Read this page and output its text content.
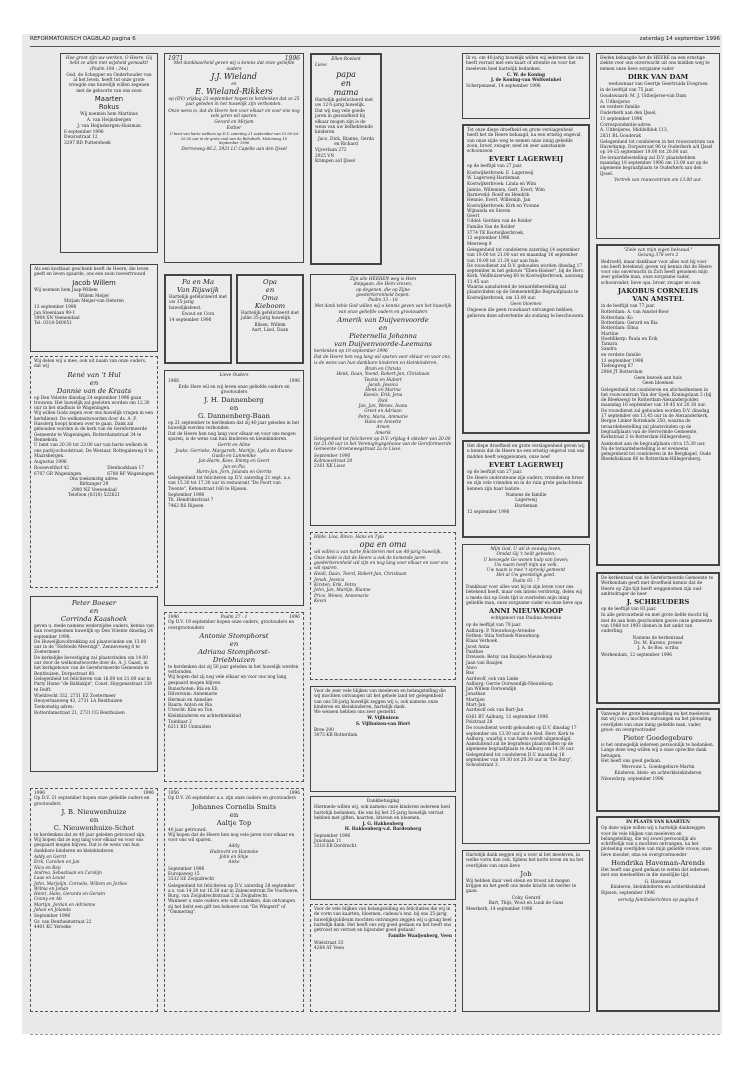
REFORMATORISCH DAGBLAD pagina 6	zaterdag 14 september 1996

Hoe groot zijn uw werken, O Heere. Gij hebt ze allen met wijsheid gemaakt!
(Psalm 104 : 24a)

God, de Schepper en Onderhouder van al het leven, heeft tot onze grote vreugde ons huwelijk willen zegenen met de geboorte van ons zoon

Maarten
Rokus

Wij noemen hem Martinus

A. van Heijnsbergen
J. van Heijnsbergen-Huisman

6 september 1996
Dwarsstraat 12
3297 RD Puttershoek

Als een kostbaar geschenk heeft de Heere, die leven geeft en leven spaarde, ons een zoon toevertrouwd

Jacob Willem

Wij noemen hem Jaap-Willem

Willem Meijer
Mirjam Meijer-van Heteren

13 september 1996
Jan Steenlaan 99-1
3904 XN Veenendaal
Tel. 0318-540051

Wij delen wij u mee, ook uit naam van onze ouders, dat wij

René van 't Hul
en
Dannie van de Kraats

op Den Volente dinsdag 24 september 1996 gaan trouwen. Het huwelijk zal gesloten worden om 12.30 uur in het stadhuis te Wageningen.
Wij willen Gods zegen over ons huwelijk vragen in een kerkdienst. De welkomstwoorden door ds. A. F. Hasslerg hoopt komen over te gaan. Dank zal gehouden worden in de kerk van de Gereformeerde Gemeente te Wageningen, Rotterdamstraat 34 te Bennekom.
U bent van 20.30 tot 23.00 uur van harte welkom in ons partij-schoolstraat, De Westaar, Rottegaleweg 6 te Maarsbergen.

Augustus 1996

Roosevelthof 42
6707 GR Wageningen
Dienhooklaan 17
6708 RF Wageningen

Ons toekomstig adres:
Birkanger 29
2900 NZ Veenendaal
Telefoon (0318) 522621

Peter Boeser
en
Corrinda Kaashoek

geven u, mede namens wederzijdse ouders, kennis van hun voorgenomen huwelijk op Den Volente dinsdag 24 september 1996.
De Huwelijksvoltrekking zal plaatsvinden om 13.00 uur in de "Hofstede Meerzigt", Zenneveweg 8 te Zoetermeer.
De kerkelijke bevestiging zal plaatsvinden om 14.00 uur door de welkomstwoorde door ds. A. J. Gaast, in het kerkgebouw van de Gereformeerde Gemeente te Benthuizen, Dorpsstraat 80.
Gelegenheid tot feliciteren van 16.00 tot 21.00 uur in Party Home "de Baldakijn", Const. Huygensstraat 139 te Delft.

Wieldrecht 332, 2731 EZ Zoetermeer
Heuyermanweg 43, 2731 LA Benthuizen

Toekomstig adres:
Rotterdamstraat 21, 2731 CG Benthuizen

1996	1996

Op D.V. 21 september hopen onze geliefde ouders en grootouders

J. B. Nieuwenhuize
en
C. Nieuwenhuize-Schot

te herdenken dat ze 40 jaar geleden getrouwd zijn.
Wij hopen dat ze nog lang voor elkaar en voor ons gespaard mogen blijven. Dat is de wens van hun dankbare kinderen en kleinkinderen

Addy en Gerrit
Erik, Carolien en Jan
Nico en Bep
Andrea, Sebastiaan en Carolijn
Laus en Leunt
John, Marjolijn, Cornelis, Willem en Jorlies
Wilma en Johan
Henri, Hans, Gerarda en Gerwin
Conny en Ab
Martijn, Jordan en Adrienne
Johan en Jolanda

September 1996
Gr. van Bentheimstraat 22
4401 KC Yerseke

1971	1996

Met dankbaarheid geven wij u kennis dat onze geliefde ouders

J.J. Wieland

en

E. Wieland-Rikkers

op (DV) vrijdag 23 september hopen te herdenken dat ze 25 jaar geleden in het huwelijk zijn verbonden.

Onze wens is, dat de Heere hen voor elkaar en voor ons nog vele jaren wil sparen.

Gerard en Mirjam
Esther

U bent van harte welkom op D.V. zaterdag 21 september van 15.00 tot 16.30 uur in de grote zaal van de Rehoboth, Molenweg 16
September 1996

Dorresweg 86.2, 2921 LC Capelle aan den IJssel

Pa en Ma
Van Rijswijk

Hartelijk gefeliciteerd met uw 35-jarig huwelijksfeest.

Ewout en Cora

14 september 1996

Opa
en
Oma
Kieboom

Hartelijk gefeliciteerd met jullie 35-jarig huwelijk.

Bilsen, Willem
Aart, Lisel, Daan

Lieve Ouders

1966	1996

Erde Here wil en wij leven onze geliefde ouders en grootouders

J. H. Dannenberg
en
G. Dannenberg-Baan

op 21 september te herdenken dat zij 40 jaar geleden in het huwelijk werden verbonden.
Dat de Heere hen nog lang voor elkaar en voor ons mogen sparen, is de wens van hun kinderen en kleinkinderen.

Gerrit en Aline
Jouke, Gerrieke, Margareth, Martijn, Lydia en Rianne
Guido en Lunnenike
Jan-Harm, Kees, Emmy en Geert
Jan en Pia
Harm-Jan, Jorn, Jolanda en Gerrits

Gelegenheid tot feliciteren op D.V. zaterdag 21 sept. a.s. van 15.30 tot 17.30 uur in restaurant "De Poort van Twente", Ketenstraat 166 te Rijssen.

September 1996
Th. Hendriksstraat 7
7462 RS Rijssen

1996	Psalm 27 : 1	1996

Op D.V. 19 september hopen onze ouders, grootouders en overgrootouders

Antonie Stomphorst
en
Adriana Stomphorst-
Driebhuizen

te herdenken dat zij 50 jaar geleden in het huwelijk werden verbonden.
Wij hopen dat zij nog vele elkaar en voor ons nog lang gespaard mogen blijven.

Bunschoten: Ria en Eli
Hilversum: Annemarie
Herman en Annelies
Baarn: Anton en Ria
Utrecht: Kim en Ton
Kleinkinderen en achterkleinkind

Tuinbaar 2
6211 BD Unmuiden

1956	1996

Op D.V. 26 september a.s. zijn onze ouders en grootouders

Johannes Cornelis Smits
en
Aaltje Top

40 jaar getrouwd.
Wij hopen dat de Heere hen nog vele jaren voor elkaar en voor ons wil sparen.

Addy
Hubrecht en Hanneke
John en Sinje
Anke

September 1996
Europaweg 15
3332 SE Zwijndrecht

Gelegenheid tot feliciteren op D.V. zaterdag 28 september a.s. van 14.30 tot 16.30 uur in Zalencentrum De Voorhoeve, Burg. van Zwijndrechtstraat 2 in Zwijndrecht.
Wanneer u onze ouders iets wilt schenken, dan ontvangen zij het liefst een gift ten behoeve van "De Wingerd" of "Ommering".

Ellen-Roelant

Lieve

papa
en
mama

Hartelijk gefeliciteerd met uw 12½-jarig huwelijk.

Dat wij nog vele goede jaren in gezondheid bij elkaar mogen zijn is de wens van uw liefhebbende kinderen

Jaco, Dick, Rianne, Gerda en Richard

Vijverlaan 272
2925 VN
Krimpen a/d IJssel

Zijn alle HEEREN weg is Hem
diepgaan, die Hem vrezen,
op degenen, die op Zijne
goedertierenheid hopen.
Psalm 33 : 18

Met dank tebie God willen wij u kennis geven van het huwelijk van onze geliefde ouders en grootouders

Amerik van Duijvenvoorde
en
Pieternella Johanna
van Duijvenvoorde-Leemans

herdenken op 19 september 1996

Dat de Heere hen nog lang wil sparen voor elkaar en voor ons, is de wens van hun dankbare kinderen en kleinkinderen.

Bram en Christa
Henk, Daan, Yoend, Robert-Jan, Christiaan
Teunis en Hubert
Jacob, Jessica
Henk en Marina
Koesie, Erik, Jena
Dick
Jan, Jan, Wenes, Ivana
Greet en Adriaan
Petra, Maria, Ammarie
Hans en Annette
Aroen
Amerik

Gelegenheid tot feliciteren op D.V. vrijdag 4 oktober van 20.00 tot 21.00 uur in het Verenigingsgebouw van de Gereformeerde Gemeente Groenewegstraat 2a te Lisse.

September 1996
Kalmoesstraat 20
2161 XK Lisse

Hilde, Lisa, Rinco, Hans en Tyla

opa en oma

wil willen u van harte feliciteren met uw 40-jarig huwelijk.
Onze bede is dat de Heere u ook de komende jaren goedertierenheid wil zijn en nog lang voor elkaar en voor ons wil sparen.

Heidi, Daan, Teerd, Robert-Jan, Christiaan
Jonah, Jessica
Kirsten, Erik, Petra
John, Jan, Martijn, Rianne
Price, Wenes, Annemarie
Kevin

Voor de zeer vele blijken van meeleven en belangstelling die wij mochten ontvangen uit het gehele land ter gelegenheid van ons 50-jarig huwelijk zeggen wij u, ook namens onze kinderen en kleinkinderen, hartelijk dank.
We wensen hebben ons zeer gesterkt.

W. Vijlhuizen
S. Vijlhuizen-van Biert

Bree 200
3075 KB Rotterdam

Dankbetuiging

Hiermede willen wij, ook namens onze kinderen iedereen heel hartelijk bedanken, die ons bij het 25-jarig huwelijk verrast hebben met giften, kaarten, brieven en bloemen.

J. G. Hakkenberg
H. Hakkenberg-v.d. Bardenberg

September 1996
Junobaan 11
3318 EB Dordrecht

Voor de vele blijken van belangstelling en felicitaties die wij in de vorm van kaarten, bloemen, cadeau's enz. bij ons 25-jarig huwelijksjubileum mochten ontvangen zeggen wij u graag heel hartelijk dank. Het heeft ons erg goed gedaan en het heeft ons getroost en verrast en bijzonder goed gedaan!

Familie Waaijenberg, Veen

Wielstraat 33
4264 AT Veen

Ik vs. om 40-jarig huwelijk willen wij iedereen die ons heeft verrast met een kaart of attentie en voor het meeleven heel hartelijk bedanken.

C. W. de Koning
J. de Koning-van Wolfswinkel

Scherpenzeel, 14 september 1996

Tot onze diepe droefheid en grote verslagenheid heeft het de Heere behaagd, na een ernstig ongeval, van onze zijde weg te nemen onze innig geliefde zoon, broer, zwager, neef en zeer aanstaande schoonzoon

EVERT LAGERWEIJ

op de leeftijd van 27 jaar.

Kootwijkerbroek: E. Lagerweij
W. Lagerweij-Hardeman

Kootwijkerbroek: Linda en Wim
Jannie, Willemien, Gert, Evert, Wim
Barneveld: Roelf en Hendrik
Hennie, Evert, Willemijn, Jan
Kootwijkerbroek: Kirk en Yvonne
Wijnanda en Steven
Geert
Uddel: Gerdien van de Rolder
Familie Van de Rolder

3774 TK Kootwijkerbroek,
12 september 1996
Meerweg 8

Gelegenheid tot condoleren zaterdag 14 september van 19.00 tot 21.00 uur en maandag 16 september van 19.00 tot 21.30 uur aan huis.
De rouwdienst zal D.V. gehouden worden dinsdag 17 september in het gebouw "Eben-Haëzer", bij de Herv. Kerk, Veldhuizerweg 60 te Kootwijkerbroek, aanvang 11.45 uur.
Waarna aansluitend de teraardebestelling zal plaatsvinden op de Gemeentelijke Begraafplaats te Kootwijkerbroek, om 13.00 uur.

Geen bloemen

Ongeeon die geen rouwkaart ontvangen hebben, gelieven deze advertentie als zodanig te beschouwen.

Het diepe droefheid en grote verslagenheid geven wij u kennis dat de Heere na een ernstig ongeval van ons midden heeft weggenomen, onze neef

EVERT LAGERWEIJ

op de leeftijd van 27 jaar.

De Heere ondersteune zijn ouders, vrienden en broer en zijn vele vrienden en in de ruin grote gedachtenis kennen zijn haar laatste.

Namens de familie
Lagerweij
Hardeman

12 september 1996

Mijn God, U wil ik eeuwig loven,
Omdat Gij 't heilt gebeden;
U bevoegde Ge wonen hulp van boven;
Uw naam heeft mijn uw volk.
Uw naam is mee 't sprookj gemeent
Het al Uw geesteligk goed.
Psalm 92 : 7

Dankbaar voor alles wat hij in zijn leven voor ons betekend heeft, maar ook intens verdrietig, delen wij u mede dat op Gods tijd is overleden mijn innig geliefde man, onze zorgzame vader en onze lieve opa

ANNI NIEUWKOOP

echtgenoot van Paulina Arendse

op de leeftijd van 79 jaar.

Aalburg: P. Nieuwkoop-Arendse
Eethen: Stiia Verhoek-Nieuwkoop
Klaas Verhoek
Joost Anna
Panthes
Dreusen: Betsy van Baaijen-Nieuwkoop
Jaan van Baaijen
Anco
Bas
Aardwolf, ook van Lieke
Aalburg: Gerrie Oorwendijk-Nieuwkoop
Jan Willem Oorwendijk
Jonathan
Martijen
Mart-Jan
Aardwolf ook van Bart-Jan

6361 BT Aalburg, 12 september 1996
Polstraat 28

De rouwdienst wordt gehouden op D.V. dinsdag 17 september om 13.30 uur in de Ned. Herv. Kerk te Aalburg, waarbij u van harte wordt uitgenodigd. Aansluitend zal de begrafenis plaatsvinden op de algemene begraafplaats te Aalburg om 14.30 uur.
Gelegenheid tot condoleren D.V. maandag 16 september van 19.30 tot 20.30 uur in "De Burg", Schoolstraat 3.

Hartelijk dank zeggen wij u voor al het meeleven, in welke vorm dan ook, tijdens het korte leven en na het overlijden van onze lieve

Job

Wij hebben daar veel steun en troost uit mogen krijgen en het geeft ons mede kracht om verder te gaan.

Coby, Gerard
Bart, Thijs, Wout en Luuk de Gans

Meerkerk, 14 september 1996

Heden behaagde het de HEERE na een ernstige ziekte voor ons onverwacht uit ons midden weg te nemen onze lieve zorgzame vader

DIRK VAN DAM

weduwnaar van Geertje Geertruida Evegroen

in de leeftijd van 75 jaar.

Goudswaard: M. J. Uitbeijerse-van Dam
A. Uitbeijerse
en verdere familie

Ouderkerk aan den IJssel,
11 september 1996

Correspondentie-adres:
A. Uitbeijerse, Middelblok 113,
2831 BL Gouderak

Gelegenheid tot condoleren in het rouwcentrum van Haverkamp, Dorpsstraat 96 te Ouderkerk a/d IJssel op 14-15 september 19.00 tot 20.00 uur.
De teraardebestelling zal D.V. plaatshebben maandag 16 september 1996 om 13.00 uur op de algemene begraafplaats te Ouderkerk aan den IJssel.

Vertrek van rouwcentrum om 13.00 uur.

"Ziele van mijn eigen bekwaal."
Gezang 378 vers 2

Bedroefd, maar dankbaar voor alles wat hij voor ons heeft betekend, geven wij kennis dat de Heere voor ons onverwacht in Zich heeft genomen mijn zeer geliefde man, onze zorgzame vader, schoonvader, lieve opa, broer, zwager en oom

JAKOBUS CORNELIS
VAN AMSTEL

in de leeftijd van 77 jaar.

Rotterdam: A. van Amstel-Boer
Rotterdam: Ko
Rotterdam: Gerard en Ria
Rotterdam: Elma
Martine
Hoefdikerp: Paula en Erik
Tamara
Sandra
en verdere familie

13 september 1996
Tiefengweg 67
2964 JT Rotterdam

Geen bezoek aan huis
Geen bloemen

Gelegenheid tot condoleren en afscheidnemen in het rouwcentrum Van der Spek, Koningslaan 3 (bij de Bleekweg) te Rotterdam-Alexanderpolder, maandag 16 september van 19.45 tot 20.30 uur.
De rouwdienst zal gehouden worden D.V. dinsdag 17 september om 13.45 uur in de Alexanderkerk, Bergse Linker Rottekade 250, waarna de teraardebestelling zal plaatsvinden op de begraafplaats van de Hervormde Gemeente, Kerkstraat 2 te Rotterdam-Hillegersberg.

Aankomst aan de begraafplaats circa 15.30 uur.
Na de teraardebestelling is er eveneens gelegenheid tot condoleren in de Bergkapel, Oude Bleekdiskiaan 66 te Rotterdam-Hillegersberg.

De kerkenraad van de Gereformeerde Gemeente te Werkendam geeft met droefheid kennis dat de Heere op Zijn tijd heeft weggenomen zijn oud-ambtsdrager de heer

J. SCHREUDERS

op de leeftijd van 83 jaar.

In alle getrouwheid en met grote liefde mocht hij met de aan hem geschonken gaven onze gemeente van 1988 tot 1993 dienen in het ambt van ouderling.

Namens de kerkenraad
Ds. M. Karens, preses
J. A. de Bos, scriba

Werkendam, 12 september 1996

Vanwege de grote belangstelling en het meeleven dat wij van u mochten ontvangen na het plotseling overlijden van onze innig geliefde man, vader, groot- en overgrootvader

Pieter Goedegebure

is het onmogelijk iedereen persoonlijk te bedanken.
Langs deze weg willen wij u onze oprechte dank betuigen.
Het heeft ons goed gedaan.

Mevrouw L. Goedegebure-Martin
Kinderen, klein- en achterkleinkinderen

Nieuwdorp, september 1996

IN PLAATS VAN KAARTEN

Op deze wijze willen wij u hartelijk dankzeggen voor de vele blijken van meeleven en belangstelling, die wij zowel persoonlijk als schriftelijk van u mochten ontvangen, na het plotseling overlijden van mijn geliefde vrouw, onze lieve moeder, oma en overgrootmoeder

Hendrika Haveman-Arends

Het heeft ons goed gedaan te weten dat iedereen met ons meeleefden in die moeilijke tijd.

G. Haveman
Kinderen, kleinkinderen en achterkleinkind

Rijssen, september 1996

vervolg familieberichten op pagina 8
